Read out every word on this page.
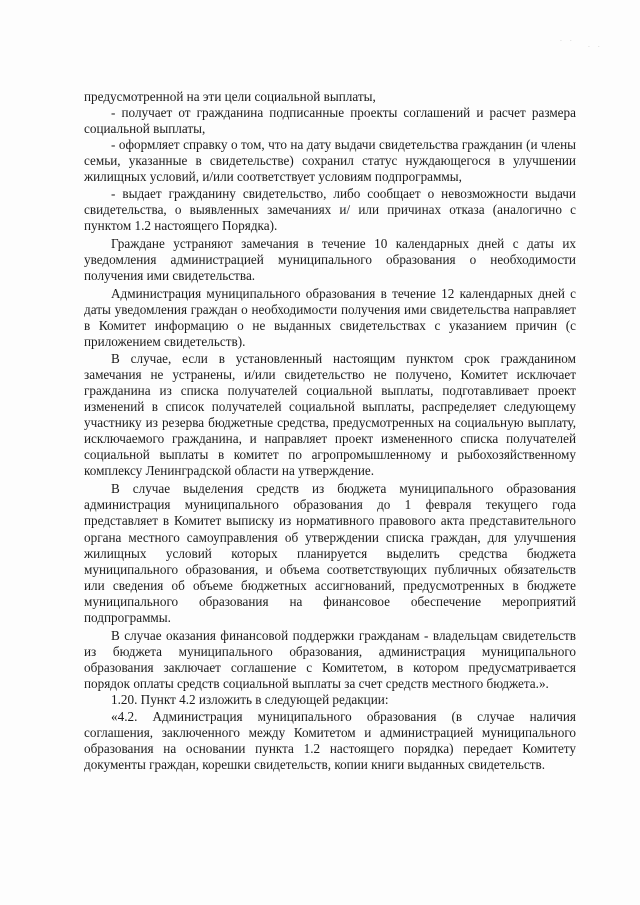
· ·
· ·

предусмотренной на эти цели социальной выплаты,

- получает от гражданина подписанные проекты соглашений и расчет размера социальной выплаты,

- оформляет справку о том, что на дату выдачи свидетельства гражданин (и члены семьи, указанные в свидетельстве) сохранил статус нуждающегося в улучшении жилищных условий, и/или соответствует условиям подпрограммы,

- выдает гражданину свидетельство, либо сообщает о невозможности выдачи свидетельства, о выявленных замечаниях и/ или причинах отказа (аналогично с пунктом 1.2 настоящего Порядка).

Граждане устраняют замечания в течение 10 календарных дней с даты их уведомления администрацией муниципального образования о необходимости получения ими свидетельства.

Администрация муниципального образования в течение 12 календарных дней с даты уведомления граждан о необходимости получения ими свидетельства направляет в Комитет информацию о не выданных свидетельствах с указанием причин (с приложением свидетельств).

В случае, если в установленный настоящим пунктом срок гражданином замечания не устранены, и/или свидетельство не получено, Комитет исключает гражданина из списка получателей социальной выплаты, подготавливает проект изменений в список получателей социальной выплаты, распределяет следующему участнику из резерва бюджетные средства, предусмотренных на социальную выплату, исключаемого гражданина, и направляет проект измененного списка получателей социальной выплаты в комитет по агропромышленному и рыбохозяйственному комплексу Ленинградской области на утверждение.

В случае выделения средств из бюджета муниципального образования администрация муниципального образования до 1 февраля текущего года представляет в Комитет выписку из нормативного правового акта представительного органа местного самоуправления об утверждении списка граждан, для улучшения жилищных условий которых планируется выделить средства бюджета муниципального образования, и объема соответствующих публичных обязательств или сведения об объеме бюджетных ассигнований, предусмотренных в бюджете муниципального образования на финансовое обеспечение мероприятий подпрограммы.

В случае оказания финансовой поддержки гражданам - владельцам свидетельств из бюджета муниципального образования, администрация муниципального образования заключает соглашение с Комитетом, в котором предусматривается порядок оплаты средств социальной выплаты за счет средств местного бюджета.».

1.20. Пункт 4.2 изложить в следующей редакции:

«4.2. Администрация муниципального образования (в случае наличия соглашения, заключенного между Комитетом и администрацией муниципального образования на основании пункта 1.2 настоящего порядка) передает Комитету документы граждан, корешки свидетельств, копии книги выданных свидетельств.
